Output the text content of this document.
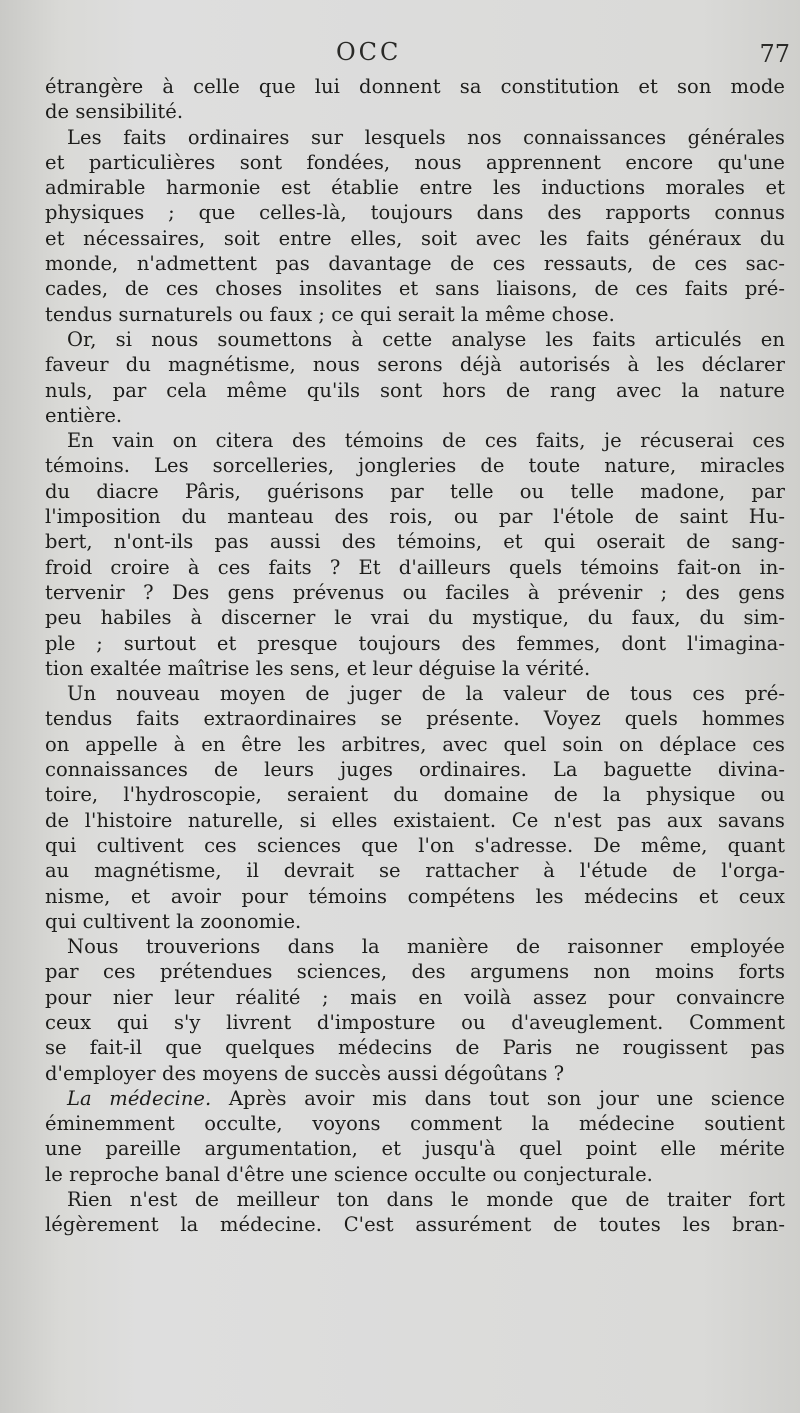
OCC	77
étrangère à celle que lui donnent sa constitution et son mode
de sensibilité.
Les faits ordinaires sur lesquels nos connaissances générales
et particulières sont fondées, nous apprennent encore qu'une
admirable harmonie est établie entre les inductions morales et
physiques ; que celles-là, toujours dans des rapports connus
et nécessaires, soit entre elles, soit avec les faits généraux du
monde, n'admettent pas davantage de ces ressauts, de ces sac-
cades, de ces choses insolites et sans liaisons, de ces faits pré-
tendus surnaturels ou faux ; ce qui serait la même chose.
Or, si nous soumettons à cette analyse les faits articulés en
faveur du magnétisme, nous serons déjà autorisés à les déclarer
nuls, par cela même qu'ils sont hors de rang avec la nature
entière.
En vain on citera des témoins de ces faits, je récuserai ces
témoins. Les sorcelleries, jongleries de toute nature, miracles
du diacre Pâris, guérisons par telle ou telle madone, par
l'imposition du manteau des rois, ou par l'étole de saint Hu-
bert, n'ont-ils pas aussi des témoins, et qui oserait de sang-
froid croire à ces faits ? Et d'ailleurs quels témoins fait-on in-
tervenir ? Des gens prévenus ou faciles à prévenir ; des gens
peu habiles à discerner le vrai du mystique, du faux, du sim-
ple ; surtout et presque toujours des femmes, dont l'imagina-
tion exaltée maîtrise les sens, et leur déguise la vérité.
Un nouveau moyen de juger de la valeur de tous ces pré-
tendus faits extraordinaires se présente. Voyez quels hommes
on appelle à en être les arbitres, avec quel soin on déplace ces
connaissances de leurs juges ordinaires. La baguette divina-
toire, l'hydroscopie, seraient du domaine de la physique ou
de l'histoire naturelle, si elles existaient. Ce n'est pas aux savans
qui cultivent ces sciences que l'on s'adresse. De même, quant
au magnétisme, il devrait se rattacher à l'étude de l'orga-
nisme, et avoir pour témoins compétens les médecins et ceux
qui cultivent la zoonomie.
Nous trouverions dans la manière de raisonner employée
par ces prétendues sciences, des argumens non moins forts
pour nier leur réalité ; mais en voilà assez pour convaincre
ceux qui s'y livrent d'imposture ou d'aveuglement. Comment
se fait-il que quelques médecins de Paris ne rougissent pas
d'employer des moyens de succès aussi dégoûtans ?
La médecine. Après avoir mis dans tout son jour une science
éminemment occulte, voyons comment la médecine soutient
une pareille argumentation, et jusqu'à quel point elle mérite
le reproche banal d'être une science occulte ou conjecturale.
Rien n'est de meilleur ton dans le monde que de traiter fort
légèrement la médecine. C'est assurément de toutes les bran-
